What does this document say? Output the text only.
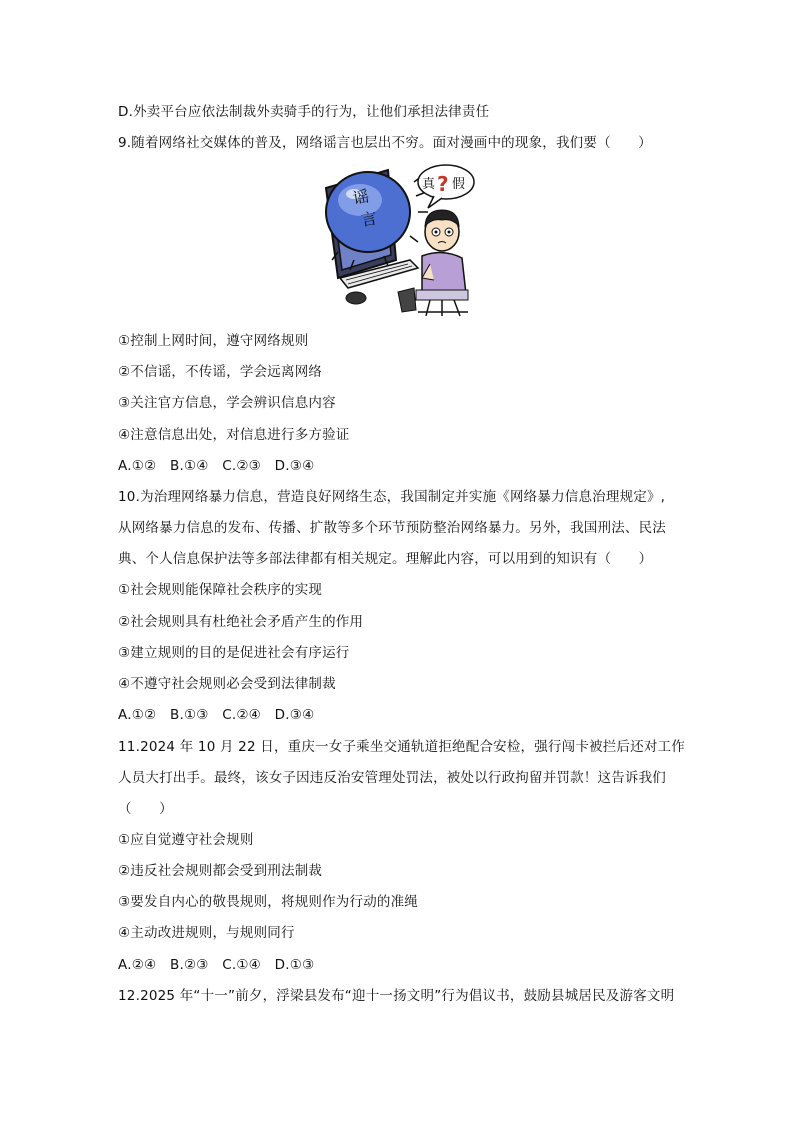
D.外卖平台应依法制裁外卖骑手的行为，让他们承担法律责任
9.随着网络社交媒体的普及，网络谣言也层出不穷。面对漫画中的现象，我们要（　　）
谣
言
真 ? 假
①控制上网时间，遵守网络规则
②不信谣，不传谣，学会远离网络
③关注官方信息，学会辨识信息内容
④注意信息出处，对信息进行多方验证
A.①②　B.①④　C.②③　D.③④
10.为治理网络暴力信息，营造良好网络生态，我国制定并实施《网络暴力信息治理规定》,
从网络暴力信息的发布、传播、扩散等多个环节预防整治网络暴力。另外，我国刑法、民法
典、个人信息保护法等多部法律都有相关规定。理解此内容，可以用到的知识有（　　）
①社会规则能保障社会秩序的实现
②社会规则具有杜绝社会矛盾产生的作用
③建立规则的目的是促进社会有序运行
④不遵守社会规则必会受到法律制裁
A.①②　B.①③　C.②④　D.③④
11.2024 年 10 月 22 日，重庆一女子乘坐交通轨道拒绝配合安检，强行闯卡被拦后还对工作
人员大打出手。最终，该女子因违反治安管理处罚法，被处以行政拘留并罚款！这告诉我们
（　　）
①应自觉遵守社会规则
②违反社会规则都会受到刑法制裁
③要发自内心的敬畏规则，将规则作为行动的准绳
④主动改进规则，与规则同行
A.②④　B.②③　C.①④　D.①③
12.2025 年“十一”前夕，浮梁县发布“迎十一扬文明”行为倡议书，鼓励县城居民及游客文明
